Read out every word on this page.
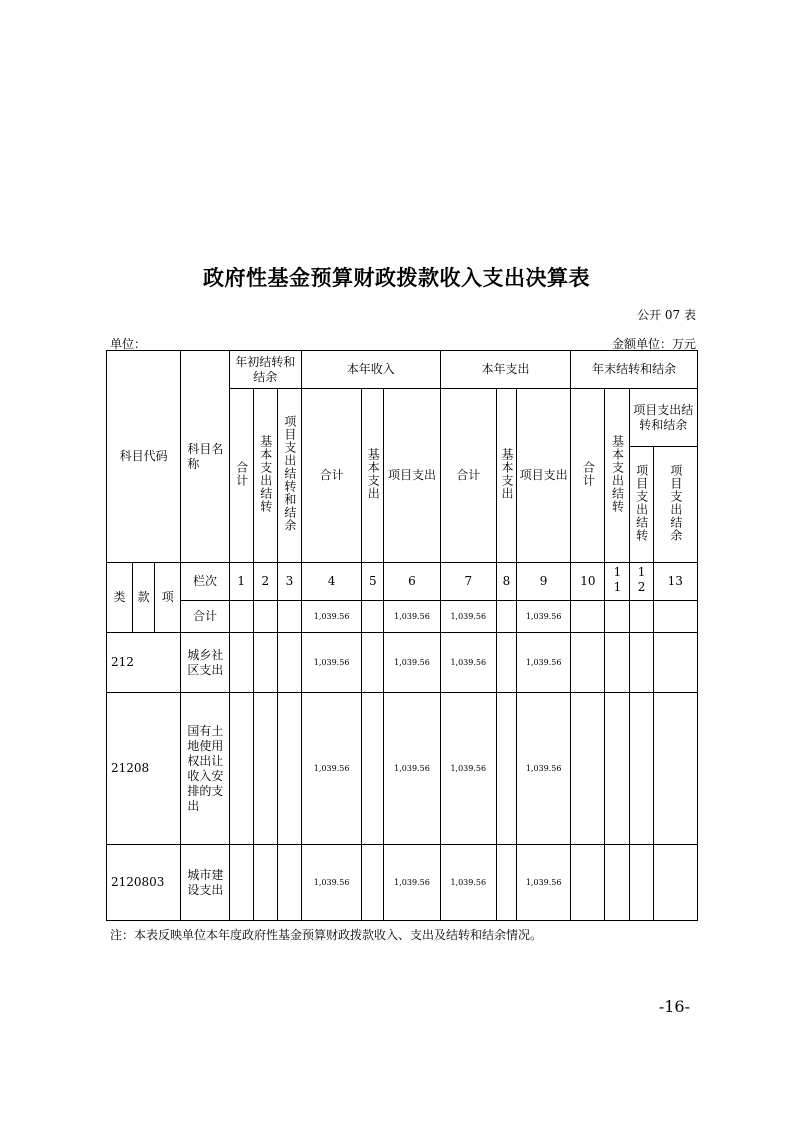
政府性基金预算财政拨款收入支出决算表
公开 07 表
单位：	金额单位：万元
科目代码			科目名称	年初结转和结余			本年收入			本年支出			年末结转和结余			
				合计	基本支出结转	项目支出结转和结余	合计	基本支出	项目支出	合计	基本支出	项目支出	合计	基本支出结转	项目支出结转和结余	
															项目支出结转	项目支出结余
类	款	项	栏次	1	2	3	4	5	6	7	8	9	10	11	12	13
			合计				1,039.56		1,039.56	1,039.56		1,039.56				
212			城乡社区支出				1,039.56		1,039.56	1,039.56		1,039.56				
21208			国有土地使用权出让收入安排的支出				1,039.56		1,039.56	1,039.56		1,039.56				
2120803			城市建设支出				1,039.56		1,039.56	1,039.56		1,039.56				
注：本表反映单位本年度政府性基金预算财政拨款收入、支出及结转和结余情况。
-16-
